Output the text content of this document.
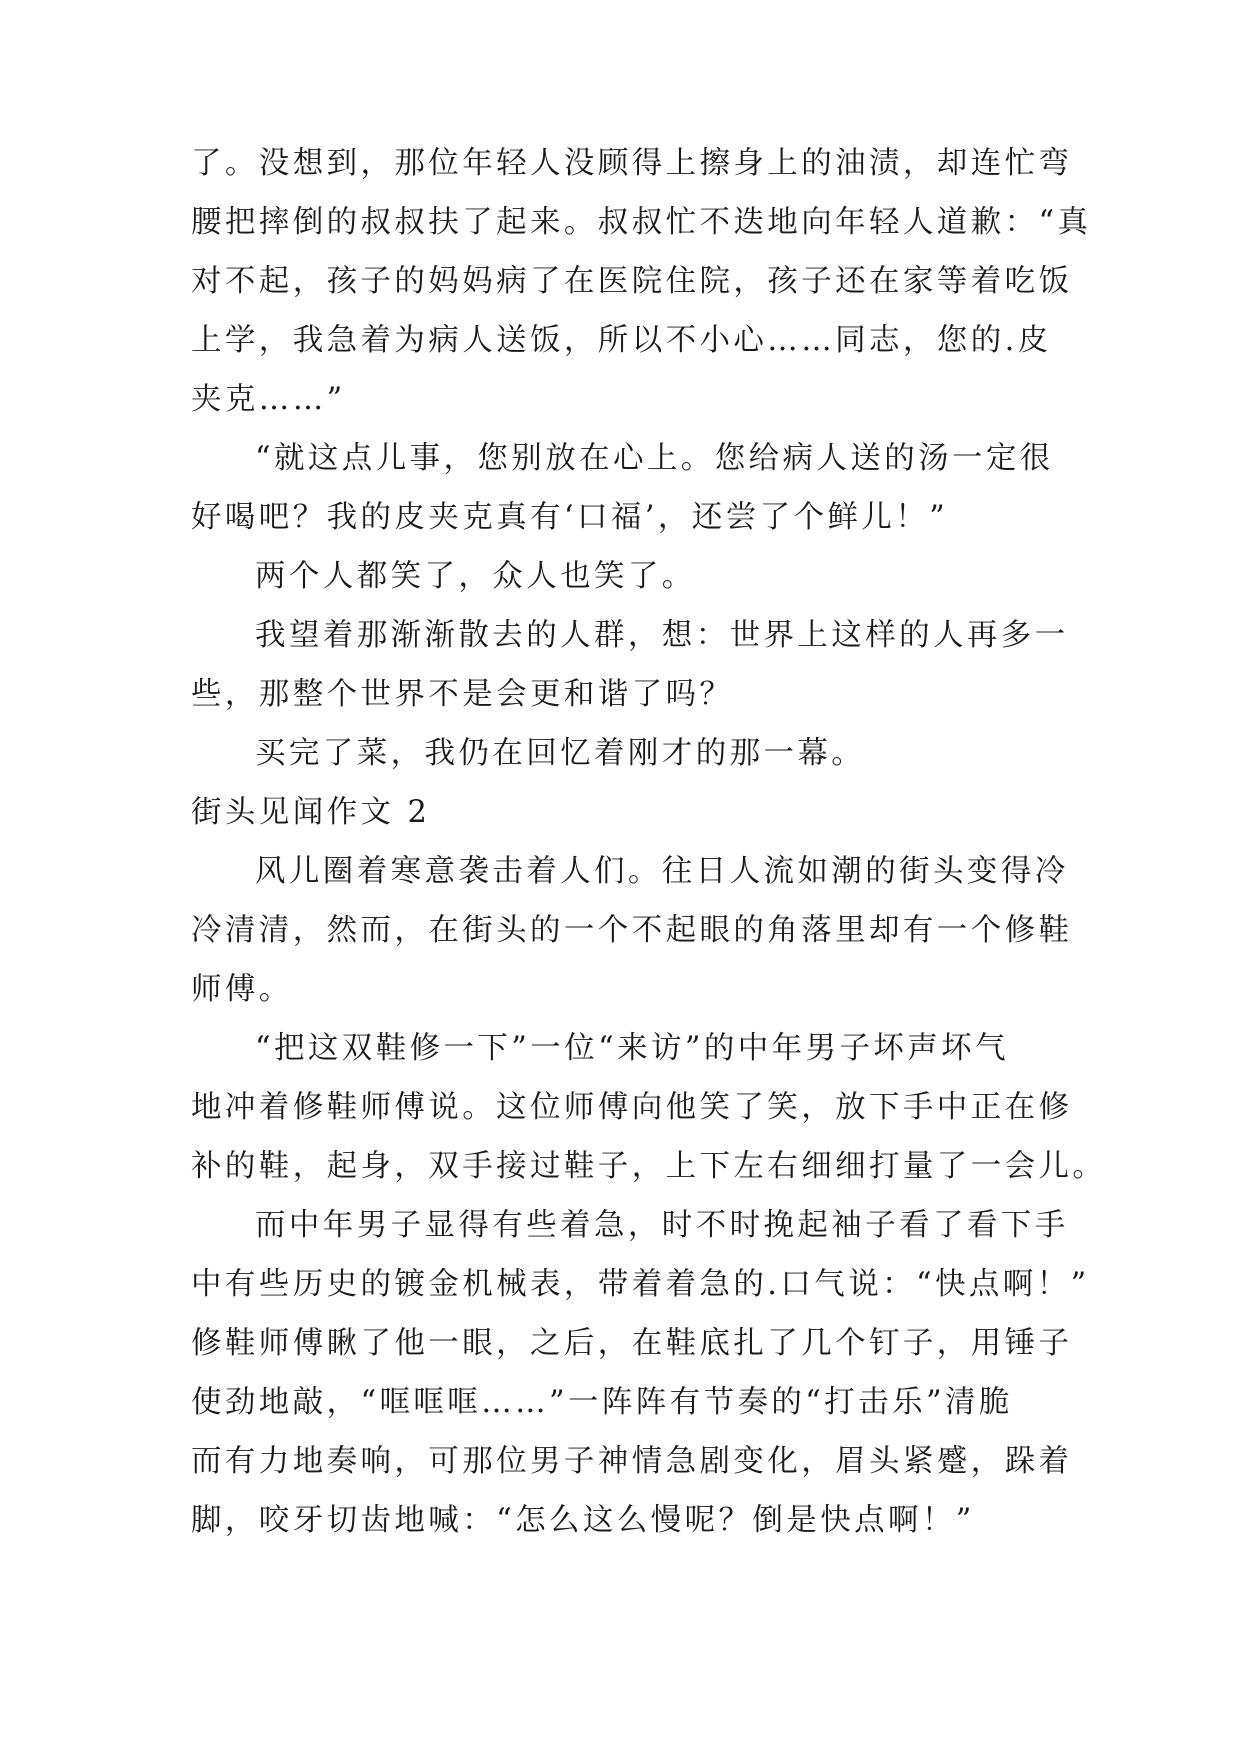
了。没想到，那位年轻人没顾得上擦身上的油渍，却连忙弯
腰把摔倒的叔叔扶了起来。叔叔忙不迭地向年轻人道歉：“真
对不起，孩子的妈妈病了在医院住院，孩子还在家等着吃饭
上学，我急着为病人送饭，所以不小心……同志，您的.皮
夹克……”
“就这点儿事，您别放在心上。您给病人送的汤一定很
好喝吧？我的皮夹克真有‘口福’，还尝了个鲜儿！”
两个人都笑了，众人也笑了。
我望着那渐渐散去的人群，想：世界上这样的人再多一
些，那整个世界不是会更和谐了吗？
买完了菜，我仍在回忆着刚才的那一幕。
街头见闻作文 2
风儿圈着寒意袭击着人们。往日人流如潮的街头变得冷
冷清清，然而，在街头的一个不起眼的角落里却有一个修鞋
师傅。
“把这双鞋修一下”一位“来访”的中年男子坏声坏气
地冲着修鞋师傅说。这位师傅向他笑了笑，放下手中正在修
补的鞋，起身，双手接过鞋子，上下左右细细打量了一会儿。
而中年男子显得有些着急，时不时挽起袖子看了看下手
中有些历史的镀金机械表，带着着急的.口气说：“快点啊！”
修鞋师傅瞅了他一眼，之后，在鞋底扎了几个钉子，用锤子
使劲地敲，“哐哐哐……”一阵阵有节奏的“打击乐”清脆
而有力地奏响，可那位男子神情急剧变化，眉头紧蹙，跺着
脚，咬牙切齿地喊：“怎么这么慢呢？倒是快点啊！”
